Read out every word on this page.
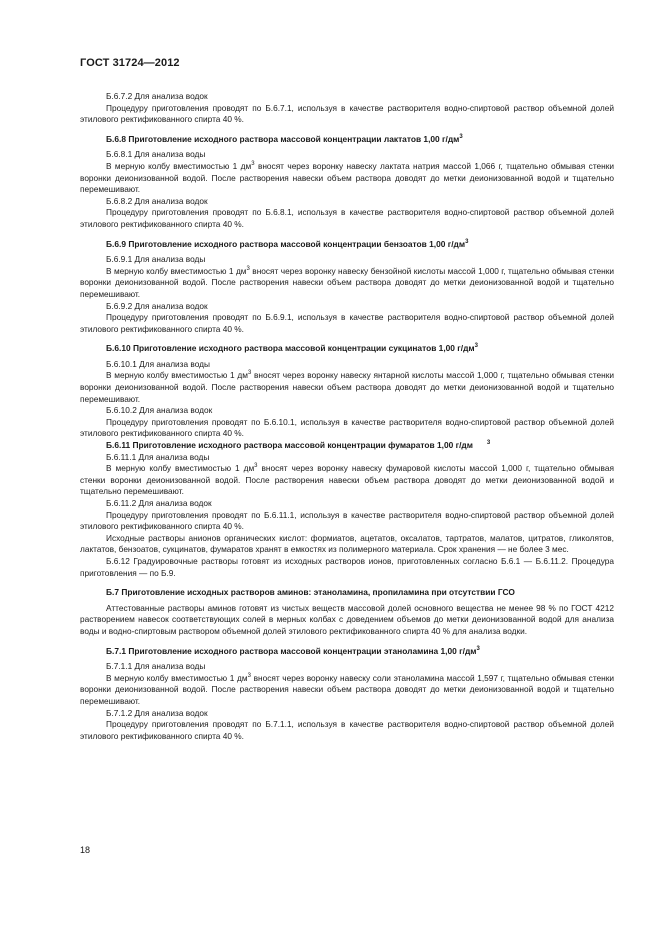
ГОСТ 31724—2012

Б.6.7.2 Для анализа водок

Процедуру приготовления проводят по Б.6.7.1, используя в качестве растворителя водно-спиртовой раствор объемной долей этилового ректификованного спирта 40 %.

Б.6.8 Приготовление исходного раствора массовой концентрации лактатов 1,00 $г/дм^3$

Б.6.8.1 Для анализа воды

В мерную колбу вместимостью 1 $дм^3$ вносят через воронку навеску лактата натрия массой 1,066 г, тщательно обмывая стенки воронки деионизованной водой. После растворения навески объем раствора доводят до метки деионизованной водой и тщательно перемешивают.

Б.6.8.2 Для анализа водок

Процедуру приготовления проводят по Б.6.8.1, используя в качестве растворителя водно-спиртовой раствор объемной долей этилового ректификованного спирта 40 %.

Б.6.9 Приготовление исходного раствора массовой концентрации бензоатов 1,00 $г/дм^3$

Б.6.9.1 Для анализа воды

В мерную колбу вместимостью 1 $дм^3$ вносят через воронку навеску бензойной кислоты массой 1,000 г, тщательно обмывая стенки воронки деионизованной водой. После растворения навески объем раствора доводят до метки деионизованной водой и тщательно перемешивают.

Б.6.9.2 Для анализа водок

Процедуру приготовления проводят по Б.6.9.1, используя в качестве растворителя водно-спиртовой раствор объемной долей этилового ректификованного спирта 40 %.

Б.6.10 Приготовление исходного раствора массовой концентрации сукцинатов 1,00 $г/дм^3$

Б.6.10.1 Для анализа воды

В мерную колбу вместимостью 1 $дм^3$ вносят через воронку навеску янтарной кислоты массой 1,000 г, тщательно обмывая стенки воронки деионизованной водой. После растворения навески объем раствора доводят до метки деионизованной водой и тщательно перемешивают.

Б.6.10.2 Для анализа водок

Процедуру приготовления проводят по Б.6.10.1, используя в качестве растворителя водно-спиртовой раствор объемной долей этилового ректификованного спирта 40 %.

Б.6.11 Приготовление исходного раствора массовой концентрации фумаратов 1,00 г/дм $^3$

Б.6.11.1 Для анализа воды

В мерную колбу вместимостью 1 $дм^3$ вносят через воронку навеску фумаровой кислоты массой 1,000 г, тщательно обмывая стенки воронки деионизованной водой. После растворения навески объем раствора доводят до метки деионизованной водой и тщательно перемешивают.

Б.6.11.2 Для анализа водок

Процедуру приготовления проводят по Б.6.11.1, используя в качестве растворителя водно-спиртовой раствор объемной долей этилового ректификованного спирта 40 %.

Исходные растворы анионов органических кислот: формиатов, ацетатов, оксалатов, тартратов, малатов, цитратов, гликолятов, лактатов, бензоатов, сукцинатов, фумаратов хранят в емкостях из полимерного материала. Срок хранения — не более 3 мес.

Б.6.12 Градуировочные растворы готовят из исходных растворов ионов, приготовленных согласно Б.6.1 — Б.6.11.2. Процедура приготовления — по Б.9.

Б.7 Приготовление исходных растворов аминов: этаноламина, пропиламина при отсутствии ГСО

Аттестованные растворы аминов готовят из чистых веществ массовой долей основного вещества не менее 98 % по ГОСТ 4212 растворением навесок соответствующих солей в мерных колбах с доведением объемов до метки деионизованной водой для анализа воды и водно-спиртовым раствором объемной долей этилового ректификованного спирта 40 % для анализа водки.

Б.7.1 Приготовление исходного раствора массовой концентрации этаноламина 1,00 $г/дм^3$

Б.7.1.1 Для анализа воды

В мерную колбу вместимостью 1 $дм^3$ вносят через воронку навеску соли этаноламина массой 1,597 г, тщательно обмывая стенки воронки деионизованной водой. После растворения навески объем раствора доводят до метки деионизованной водой и тщательно перемешивают.

Б.7.1.2 Для анализа водок

Процедуру приготовления проводят по Б.7.1.1, используя в качестве растворителя водно-спиртовой раствор объемной долей этилового ректификованного спирта 40 %.

18
